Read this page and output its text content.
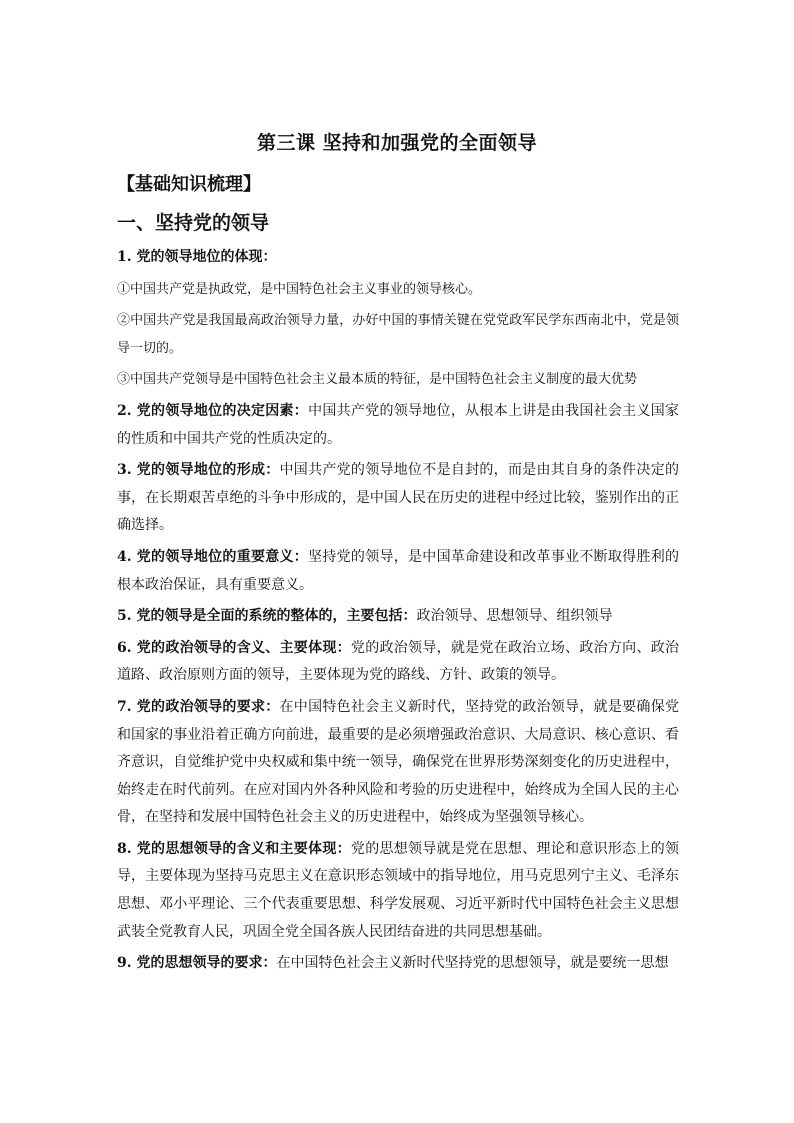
第三课 坚持和加强党的全面领导
【基础知识梳理】
一、坚持党的领导

1. 党的领导地位的体现：

①中国共产党是执政党，是中国特色社会主义事业的领导核心。

②中国共产党是我国最高政治领导力量，办好中国的事情关键在党党政军民学东西南北中，党是领导一切的。

③中国共产党领导是中国特色社会主义最本质的特征，是中国特色社会主义制度的最大优势

2. 党的领导地位的决定因素：中国共产党的领导地位，从根本上讲是由我国社会主义国家的性质和中国共产党的性质决定的。

3. 党的领导地位的形成：中国共产党的领导地位不是自封的，而是由其自身的条件决定的事，在长期艰苦卓绝的斗争中形成的，是中国人民在历史的进程中经过比较，鉴别作出的正确选择。

4. 党的领导地位的重要意义：坚持党的领导，是中国革命建设和改革事业不断取得胜利的根本政治保证，具有重要意义。

5. 党的领导是全面的系统的整体的，主要包括：政治领导、思想领导、组织领导

6. 党的政治领导的含义、主要体现：党的政治领导，就是党在政治立场、政治方向、政治道路、政治原则方面的领导，主要体现为党的路线、方针、政策的领导。

7. 党的政治领导的要求：在中国特色社会主义新时代，坚持党的政治领导，就是要确保党和国家的事业沿着正确方向前进，最重要的是必须增强政治意识、大局意识、核心意识、看齐意识，自觉维护党中央权威和集中统一领导，确保党在世界形势深刻变化的历史进程中，始终走在时代前列。在应对国内外各种风险和考验的历史进程中，始终成为全国人民的主心骨，在坚持和发展中国特色社会主义的历史进程中，始终成为坚强领导核心。

8. 党的思想领导的含义和主要体现：党的思想领导就是党在思想、理论和意识形态上的领导，主要体现为坚持马克思主义在意识形态领域中的指导地位，用马克思列宁主义、毛泽东思想、邓小平理论、三个代表重要思想、科学发展观、习近平新时代中国特色社会主义思想武装全党教育人民，巩固全党全国各族人民团结奋进的共同思想基础。

9. 党的思想领导的要求：在中国特色社会主义新时代坚持党的思想领导，就是要统一思想
